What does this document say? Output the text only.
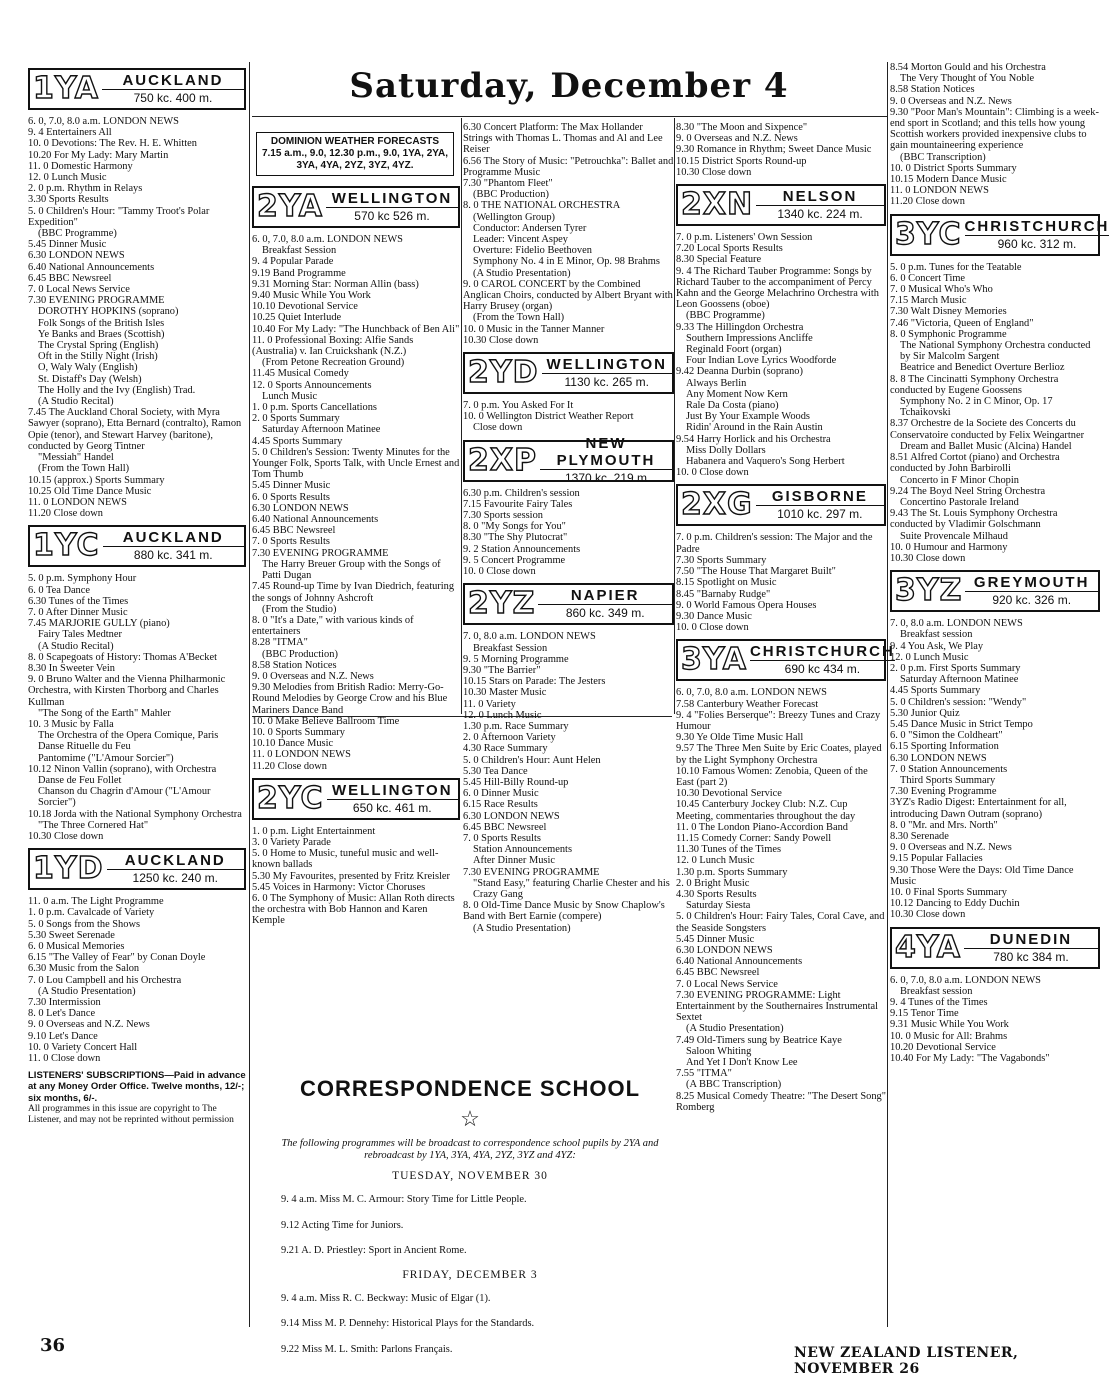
Saturday, December 4
1YA	AUCKLAND
750 kc. 400 m.

6. 0, 7.0, 8.0 a.m. LONDON NEWS

9. 4 Entertainers All

10. 0 Devotions: The Rev. H. E. Whitten

10.20 For My Lady: Mary Martin

11. 0 Domestic Harmony

12. 0 Lunch Music

2. 0 p.m. Rhythm in Relays

3.30 Sports Results

5. 0 Children's Hour: "Tammy Troot's Polar Expedition"

(BBC Programme)

5.45 Dinner Music

6.30 LONDON NEWS

6.40 National Announcements

6.45 BBC Newsreel

7. 0 Local News Service

7.30 EVENING PROGRAMME

DOROTHY HOPKINS (soprano)

Folk Songs of the British Isles

Ye Banks and Braes (Scottish)

The Crystal Spring (English)

Oft in the Stilly Night (Irish)

O, Waly Waly (English)

St. Distaff's Day (Welsh)

The Holly and the Ivy (English) Trad.

(A Studio Recital)

7.45 The Auckland Choral Society, with Myra Sawyer (soprano), Etta Bernard (contralto), Ramon Opie (tenor), and Stewart Harvey (baritone), conducted by Georg Tintner

"Messiah" Handel

(From the Town Hall)

10.15 (approx.) Sports Summary

10.25 Old Time Dance Music

11. 0 LONDON NEWS

11.20 Close down

1YC	AUCKLAND
880 kc. 341 m.

5. 0 p.m. Symphony Hour

6. 0 Tea Dance

6.30 Tunes of the Times

7. 0 After Dinner Music

7.45 MARJORIE GULLY (piano)

Fairy Tales Medtner

(A Studio Recital)

8. 0 Scapegoats of History: Thomas A'Becket

8.30 In Sweeter Vein

9. 0 Bruno Walter and the Vienna Philharmonic Orchestra, with Kirsten Thorborg and Charles Kullman

"The Song of the Earth" Mahler

10. 3 Music by Falla

The Orchestra of the Opera Comique, Paris

Danse Rituelle du Feu

Pantomime ("L'Amour Sorcier")

10.12 Ninon Vallin (soprano), with Orchestra

Danse de Feu Follet

Chanson du Chagrin d'Amour ("L'Amour Sorcier")

10.18 Jorda with the National Symphony Orchestra

"The Three Cornered Hat"

10.30 Close down

1YD	AUCKLAND
1250 kc. 240 m.

11. 0 a.m. The Light Programme

1. 0 p.m. Cavalcade of Variety

5. 0 Songs from the Shows

5.30 Sweet Serenade

6. 0 Musical Memories

6.15 "The Valley of Fear" by Conan Doyle

6.30 Music from the Salon

7. 0 Lou Campbell and his Orchestra

(A Studio Presentation)

7.30 Intermission

8. 0 Let's Dance

9. 0 Overseas and N.Z. News

9.10 Let's Dance

10. 0 Variety Concert Hall

11. 0 Close down

LISTENERS' SUBSCRIPTIONS—Paid in advance at any Money Order Office. Twelve months, 12/-; six months, 6/-.

All programmes in this issue are copyright to The Listener, and may not be reprinted without permission

DOMINION WEATHER FORECASTS
7.15 a.m., 9.0, 12.30 p.m., 9.0, 1YA, 2YA, 3YA, 4YA, 2YZ, 3YZ, 4YZ.
2YA WELLINGTON
570 kc 526 m.

6. 0, 7.0, 8.0 a.m. LONDON NEWS

Breakfast Session

9. 4 Popular Parade

9.19 Band Programme

9.31 Morning Star: Norman Allin (bass)

9.40 Music While You Work

10.10 Devotional Service

10.25 Quiet Interlude

10.40 For My Lady: "The Hunchback of Ben Ali"

11. 0 Professional Boxing: Alfie Sands (Australia) v. Ian Cruickshank (N.Z.)

(From Petone Recreation Ground)

11.45 Musical Comedy

12. 0 Sports Announcements

Lunch Music

1. 0 p.m. Sports Cancellations

2. 0 Sports Summary

Saturday Afternoon Matinee

4.45 Sports Summary

5. 0 Children's Session: Twenty Minutes for the Younger Folk, Sports Talk, with Uncle Ernest and Tom Thumb

5.45 Dinner Music

6. 0 Sports Results

6.30 LONDON NEWS

6.40 National Announcements

6.45 BBC Newsreel

7. 0 Sports Results

7.30 EVENING PROGRAMME

The Harry Breuer Group with the Songs of Patti Dugan

7.45 Round-up Time by Ivan Diedrich, featuring the songs of Johnny Ashcroft

(From the Studio)

8. 0 "It's a Date," with various kinds of entertainers

8.28 "ITMA"

(BBC Production)

8.58 Station Notices

9. 0 Overseas and N.Z. News

9.30 Melodies from British Radio: Merry-Go-Round Melodies by George Crow and his Blue Mariners Dance Band

10. 0 Make Believe Ballroom Time

10. 0 Sports Summary

10.10 Dance Music

11. 0 LONDON NEWS

11.20 Close down

2YC WELLINGTON
650 kc. 461 m.

1. 0 p.m. Light Entertainment

3. 0 Variety Parade

5. 0 Home to Music, tuneful music and well-known ballads

5.30 My Favourites, presented by Fritz Kreisler

5.45 Voices in Harmony: Victor Choruses

6. 0 The Symphony of Music: Allan Roth directs the orchestra with Bob Hannon and Karen Kemple

6.30 Concert Platform: The Max Hollander Strings with Thomas L. Thomas and Al and Lee Reiser

6.56 The Story of Music: "Petrouchka": Ballet and Programme Music

7.30 "Phantom Fleet"

(BBC Production)

8. 0 THE NATIONAL ORCHESTRA

(Wellington Group)

Conductor: Andersen Tyrer

Leader: Vincent Aspey

Overture: Fidelio Beethoven

Symphony No. 4 in E Minor, Op. 98 Brahms

(A Studio Presentation)

9. 0 CAROL CONCERT by the Combined Anglican Choirs, conducted by Albert Bryant with Harry Brusey (organ)

(From the Town Hall)

10. 0 Music in the Tanner Manner

10.30 Close down

2YD WELLINGTON
1130 kc. 265 m.

7. 0 p.m. You Asked For It

10. 0 Wellington District Weather Report

Close down

2XP	NEW PLYMOUTH
1370 kc. 219 m

6.30 p.m. Children's session

7.15 Favourite Fairy Tales

7.30 Sports session

8. 0 "My Songs for You"

8.30 "The Shy Plutocrat"

9. 2 Station Announcements

9. 5 Concert Programme

10. 0 Close down

2YZ	NAPIER
860 kc. 349 m.

7. 0, 8.0 a.m. LONDON NEWS

Breakfast Session

9. 5 Morning Programme

9.30 "The Barrier"

10.15 Stars on Parade: The Jesters

10.30 Master Music

11. 0 Variety

12. 0 Lunch Music

1.30 p.m. Race Summary

2. 0 Afternoon Variety

4.30 Race Summary

5. 0 Children's Hour: Aunt Helen

5.30 Tea Dance

5.45 Hill-Billy Round-up

6. 0 Dinner Music

6.15 Race Results

6.30 LONDON NEWS

6.45 BBC Newsreel

7. 0 Sports Results

Station Announcements

After Dinner Music

7.30 EVENING PROGRAMME

"Stand Easy," featuring Charlie Chester and his Crazy Gang

8. 0 Old-Time Dance Music by Snow Chaplow's Band with Bert Earnie (compere)

(A Studio Presentation)

8.30 "The Moon and Sixpence"

9. 0 Overseas and N.Z. News

9.30 Romance in Rhythm; Sweet Dance Music

10.15 District Sports Round-up

10.30 Close down

2XN	NELSON
1340 kc. 224 m.

7. 0 p.m. Listeners' Own Session

7.20 Local Sports Results

8.30 Special Feature

9. 4 The Richard Tauber Programme: Songs by Richard Tauber to the accompaniment of Percy Kahn and the George Melachrino Orchestra with Leon Goossens (oboe)

(BBC Programme)

9.33 The Hillingdon Orchestra

Southern Impressions Ancliffe

Reginald Foort (organ)

Four Indian Love Lyrics Woodforde

9.42 Deanna Durbin (soprano)

Always Berlin

Any Moment Now Kern

Rale Da Costa (piano)

Just By Your Example Woods

Ridin' Around in the Rain Austin

9.54 Harry Horlick and his Orchestra

Miss Dolly Dollars

Habanera and Vaquero's Song Herbert

10. 0 Close down

2XG	GISBORNE
1010 kc. 297 m.

7. 0 p.m. Children's session: The Major and the Padre

7.30 Sports Summary

7.50 "The House That Margaret Built"

8.15 Spotlight on Music

8.45 "Barnaby Rudge"

9. 0 World Famous Opera Houses

9.30 Dance Music

10. 0 Close down

3YA CHRISTCHURCH
690 kc 434 m.

6. 0, 7.0, 8.0 a.m. LONDON NEWS

7.58 Canterbury Weather Forecast

9. 4 "Folies Berserque": Breezy Tunes and Crazy Humour

9.30 Ye Olde Time Music Hall

9.57 The Three Men Suite by Eric Coates, played by the Light Symphony Orchestra

10.10 Famous Women: Zenobia, Queen of the East (part 2)

10.30 Devotional Service

10.45 Canterbury Jockey Club: N.Z. Cup Meeting, commentaries throughout the day

11. 0 The London Piano-Accordion Band

11.15 Comedy Corner: Sandy Powell

11.30 Tunes of the Times

12. 0 Lunch Music

1.30 p.m. Sports Summary

2. 0 Bright Music

4.30 Sports Results

Saturday Siesta

5. 0 Children's Hour: Fairy Tales, Coral Cave, and the Seaside Songsters

5.45 Dinner Music

6.30 LONDON NEWS

6.40 National Announcements

6.45 BBC Newsreel

7. 0 Local News Service

7.30 EVENING PROGRAMME: Light Entertainment by the Southernaires Instrumental Sextet

(A Studio Presentation)

7.49 Old-Timers sung by Beatrice Kaye

Saloon Whiting

And Yet I Don't Know Lee

7.55 "ITMA"

(A BBC Transcription)

8.25 Musical Comedy Theatre: "The Desert Song" Romberg

8.54 Morton Gould and his Orchestra

The Very Thought of You Noble

8.58 Station Notices

9. 0 Overseas and N.Z. News

9.30 "Poor Man's Mountain": Climbing is a week-end sport in Scotland; and this tells how young Scottish workers provided inexpensive clubs to gain mountaineering experience

(BBC Transcription)

10. 0 District Sports Summary

10.15 Modern Dance Music

11. 0 LONDON NEWS

11.20 Close down

3YC CHRISTCHURCH
960 kc. 312 m.

5. 0 p.m. Tunes for the Teatable

6. 0 Concert Time

7. 0 Musical Who's Who

7.15 March Music

7.30 Walt Disney Memories

7.46 "Victoria, Queen of England"

8. 0 Symphonic Programme

The National Symphony Orchestra conducted by Sir Malcolm Sargent

Beatrice and Benedict Overture Berlioz

8. 8 The Cincinatti Symphony Orchestra conducted by Eugene Goossens

Symphony No. 2 in C Minor, Op. 17 Tchaikovski

8.37 Orchestre de la Societe des Concerts du Conservatoire conducted by Felix Weingartner

Dream and Ballet Music (Alcina) Handel

8.51 Alfred Cortot (piano) and Orchestra conducted by John Barbirolli

Concerto in F Minor Chopin

9.24 The Boyd Neel String Orchestra

Concertino Pastorale Ireland

9.43 The St. Louis Symphony Orchestra conducted by Vladimir Golschmann

Suite Provencale Milhaud

10. 0 Humour and Harmony

10.30 Close down

3YZ GREYMOUTH
920 kc. 326 m.

7. 0, 8.0 a.m. LONDON NEWS

Breakfast session

9. 4 You Ask, We Play

12. 0 Lunch Music

2. 0 p.m. First Sports Summary

Saturday Afternoon Matinee

4.45 Sports Summary

5. 0 Children's session: "Wendy"

5.30 Junior Quiz

5.45 Dance Music in Strict Tempo

6. 0 "Simon the Coldheart"

6.15 Sporting Information

6.30 LONDON NEWS

7. 0 Station Announcements

Third Sports Summary

7.30 Evening Programme

3YZ's Radio Digest: Entertainment for all, introducing Dawn Outram (soprano)

8. 0 "Mr. and Mrs. North"

8.30 Serenade

9. 0 Overseas and N.Z. News

9.15 Popular Fallacies

9.30 Those Were the Days: Old Time Dance Music

10. 0 Final Sports Summary

10.12 Dancing to Eddy Duchin

10.30 Close down

4YA	DUNEDIN
780 kc 384 m.

6. 0, 7.0, 8.0 a.m. LONDON NEWS

Breakfast session

9. 4 Tunes of the Times

9.15 Tenor Time

9.31 Music While You Work

10. 0 Music for All: Brahms

10.20 Devotional Service

10.40 For My Lady: "The Vagabonds"

CORRESPONDENCE SCHOOL
☆
The following programmes will be broadcast to correspondence school pupils by 2YA and rebroadcast by 1YA, 3YA, 4YA, 2YZ, 3YZ and 4YZ:
TUESDAY, NOVEMBER 30

9. 4 a.m. Miss M. C. Armour: Story Time for Little People.

9.12 Acting Time for Juniors.

9.21 A. D. Priestley: Sport in Ancient Rome.

FRIDAY, DECEMBER 3

9. 4 a.m. Miss R. C. Beckway: Music of Elgar (1).

9.14 Miss M. P. Dennehy: Historical Plays for the Standards.

9.22 Miss M. L. Smith: Parlons Français.

36	NEW ZEALAND LISTENER, NOVEMBER 26
